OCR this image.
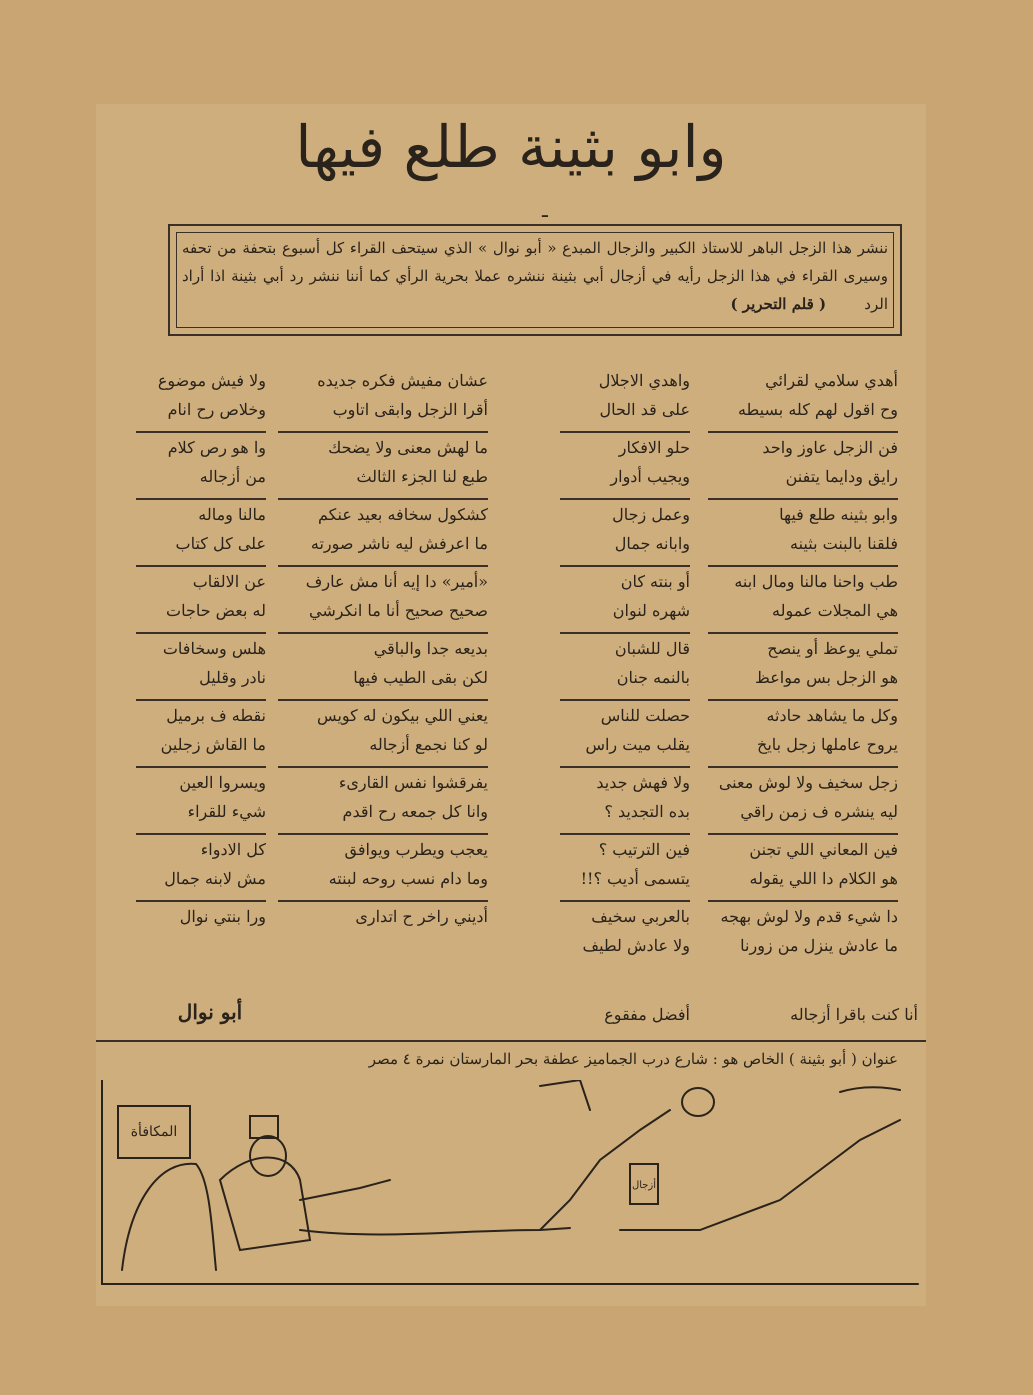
وابو بثينة طلع فيها
ـ
ننشر هذا الزجل الباهر للاستاذ الكبير والزجال المبدع « أبو نوال » الذي سيتحف القراء كل أسبوع بتحفة من تحفه وسيرى القراء في هذا الزجل رأيه في أزجال أبي بثينة ننشره عملا بحرية الرأي كما أننا ننشر رد أبي بثينة اذا أراد الرد        ( قلم التحرير )
أهدي سلامي لقرائي
وح اقول لهم كله بسيطه
فن الزجل عاوز واحد
رايق ودايما يتفنن
وابو بثينه طلع فيها
فلقنا بالبنت بثينه
طب واحنا مالنا ومال ابنه
هي المجلات عموله
تملي يوعظ أو ينصح
هو الزجل بس مواعظ
وكل ما يشاهد حادثه
يروح عاملها زجل بايخ
زجل سخيف ولا لوش معنى
ليه ينشره ف زمن راقي
فين المعاني اللي تجنن
هو الكلام دا اللي يقوله
دا شيء قدم ولا لوش بهجه
ما عادش ينزل من زورنا
واهدي الاجلال
على قد الحال
حلو الافكار
ويجيب أدوار
وعمل زجال
وابانه جمال
أو بنته كان
شهره لنوان
قال للشبان
بالنمه جنان
حصلت للناس
يقلب ميت راس
ولا فهش جديد
بده التجديد ؟
فين الترتيب ؟
يتسمى أديب ؟!!
بالعربي سخيف
ولا عادش لطيف
عشان مفيش فكره جديده
أقرا الزجل وابقى اتاوب
ما لهش معنى ولا يضحك
طبع لنا الجزء الثالث
كشكول سخافه بعيد عنكم
ما اعرفش ليه ناشر صورته
«أمير» دا إيه أنا مش عارف
صحيح صحيح أنا ما انكرشي
بديعه جدا والباقي
لكن بقى الطيب فيها
يعني اللي بيكون له كويس
لو كنا نجمع أزجاله
يفرقشوا نفس القارىء
وانا كل جمعه رح اقدم
يعجب ويطرب ويوافق
وما دام نسب روحه لبنته
أديني راخر ح اتدارى
ولا فيش موضوع
وخلاص رح انام
وا هو رص كلام
من أزجاله
مالنا وماله
على كل كتاب
عن الالقاب
له بعض حاجات
هلس وسخافات
نادر وقليل
نقطه ف برميل
ما القاش زجلين
ويسروا العين
شيء للقراء
كل الادواء
مش لابنه جمال
ورا بنتي نوال
أنا كنت باقرا أزجاله
أفضل مفقوع
أبو نوال
عنوان ( أبو بثينة ) الخاص هو : شارع درب الجماميز عطفة بحر المارستان نمرة ٤ مصر
المكافأة
أزجال
